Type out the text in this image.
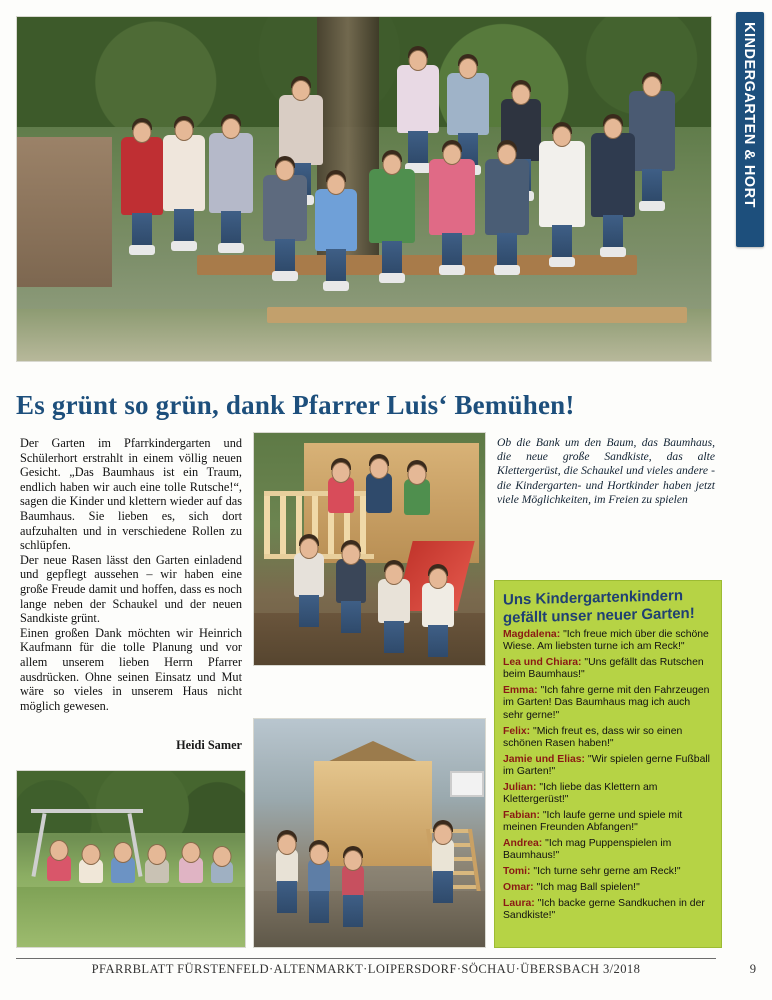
KINDERGARTEN & HORT
Es grünt so grün, dank Pfarrer Luis‘ Bemühen!

Der Garten im Pfarrkindergarten und Schülerhort erstrahlt in einem völlig neuen Gesicht. „Das Baumhaus ist ein Traum, endlich haben wir auch eine tolle Rutsche!“, sagen die Kinder und klettern wieder auf das Baumhaus. Sie lieben es, sich dort aufzuhalten und in verschiedene Rollen zu schlüpfen.

Der neue Rasen lässt den Garten einladend und gepflegt aussehen – wir haben eine große Freude damit und hoffen, dass es noch lange neben der Schaukel und der neuen Sandkiste grünt.

Einen großen Dank möchten wir Heinrich Kaufmann für die tolle Planung und vor allem unserem lieben Herrn Pfarrer ausdrücken. Ohne seinen Einsatz und Mut wäre so vieles in unserem Haus nicht möglich gewesen.

Heidi Samer
Ob die Bank um den Baum, das Baumhaus, die neue große Sandkiste, das alte Klettergerüst, die Schaukel und vieles andere - die Kindergarten- und Hortkinder haben jetzt viele Möglichkeiten, im Freien zu spielen
Uns Kindergartenkindern gefällt unser neuer Garten!
Magdalena: "Ich freue mich über die schöne Wiese. Am liebsten turne ich am Reck!"
Lea und Chiara: "Uns gefällt das Rutschen beim Baumhaus!"
Emma: "Ich fahre gerne mit den Fahrzeugen im Garten! Das Baumhaus mag ich auch sehr gerne!"
Felix: "Mich freut es, dass wir so einen schönen Rasen haben!"
Jamie und Elias: "Wir spielen gerne Fußball im Garten!"
Julian: "Ich liebe das Klettern am Klettergerüst!"
Fabian: "Ich laufe gerne und spiele mit meinen Freunden Abfangen!"
Andrea: "Ich mag Puppenspielen im Baumhaus!"
Tomi: "Ich turne sehr gerne am Reck!"
Omar: "Ich mag Ball spielen!"
Laura: "Ich backe gerne Sandkuchen in der Sandkiste!"
PFARRBLATT FÜRSTENFELD·ALTENMARKT·LOIPERSDORF·SÖCHAU·ÜBERSBACH 3/2018	9
